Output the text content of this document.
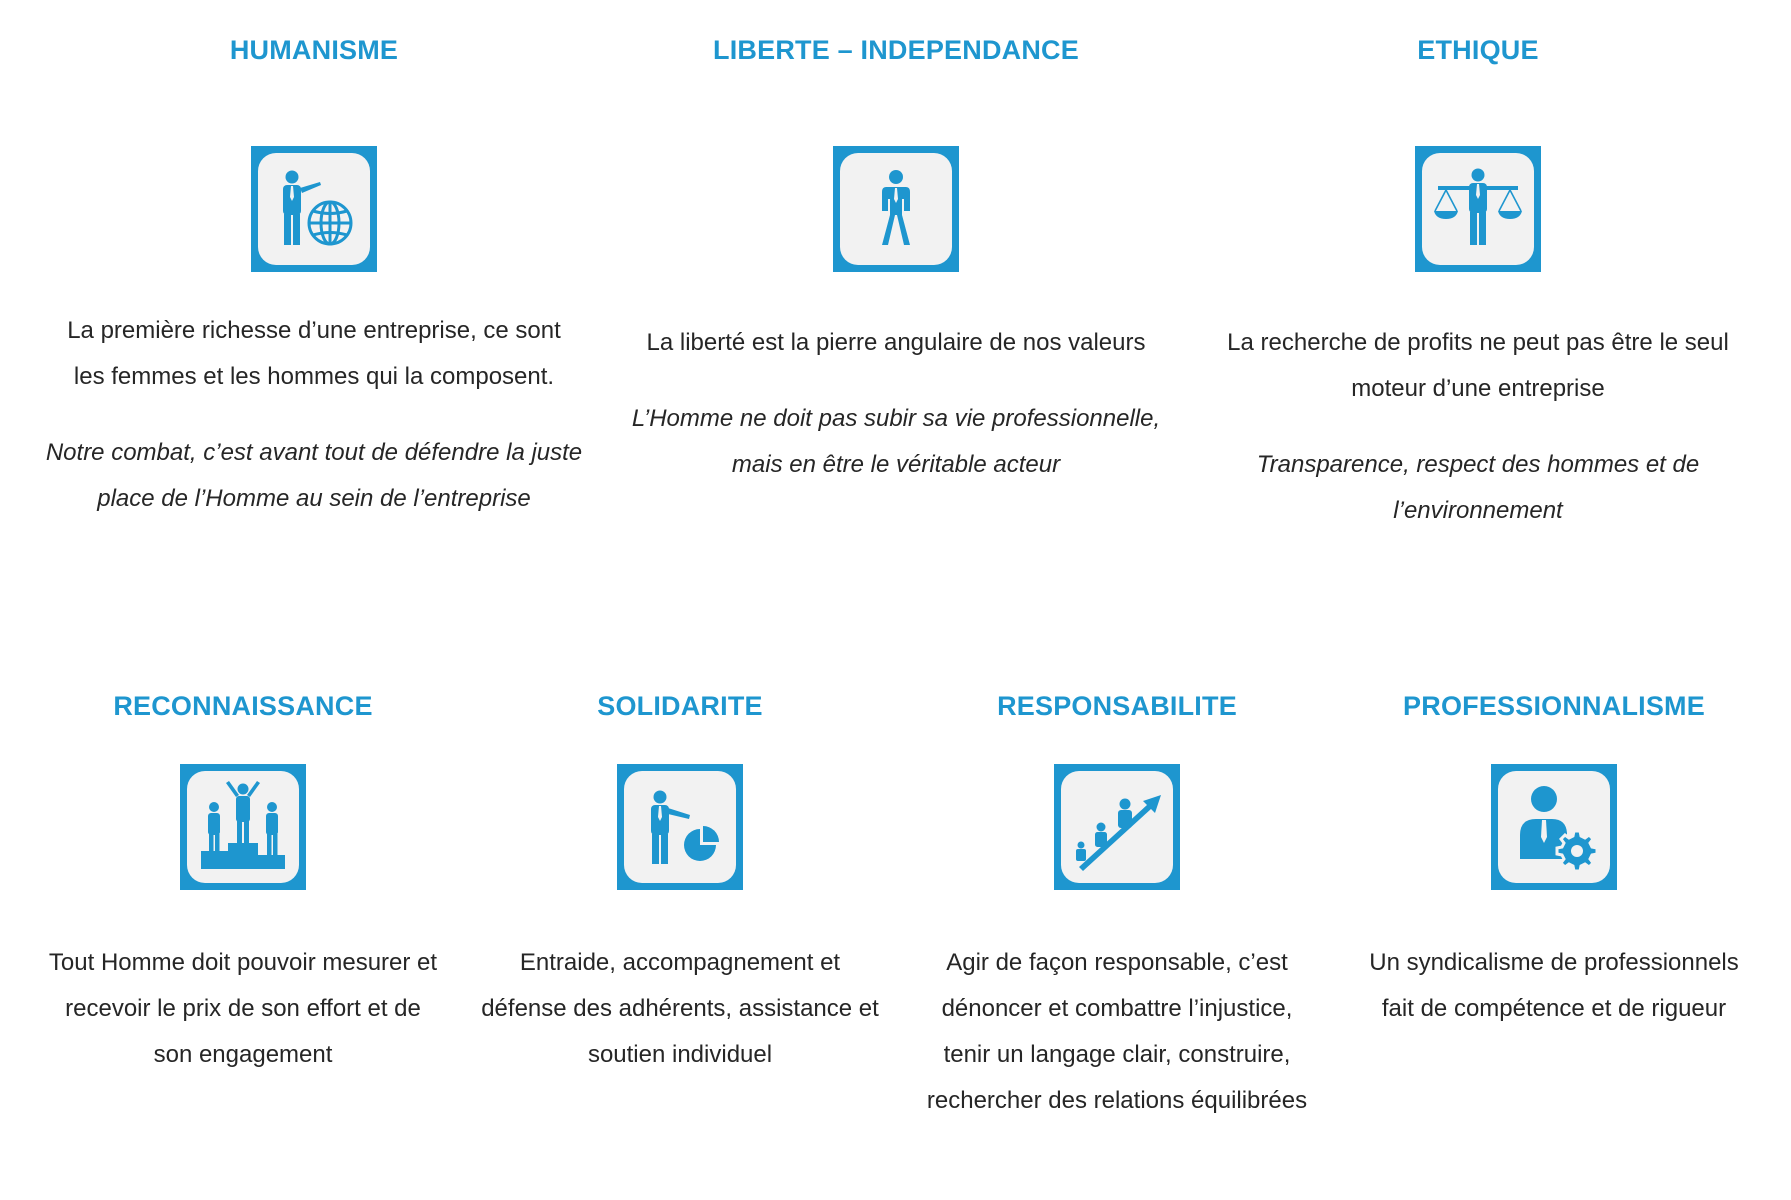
HUMANISME

La première richesse d’une entreprise, ce sont les femmes et les hommes qui la composent.

Notre combat, c’est avant tout de défendre la juste place de l’Homme au sein de l’entreprise

LIBERTE – INDEPENDANCE

La liberté est la pierre angulaire de nos valeurs

L’Homme ne doit pas subir sa vie professionnelle, mais en être le véritable acteur

ETHIQUE

La recherche de profits ne peut pas être le seul moteur d’une entreprise

Transparence, respect des hommes et de l’environnement

RECONNAISSANCE

Tout Homme doit pouvoir mesurer et recevoir le prix de son effort et de son engagement

SOLIDARITE

Entraide, accompagnement et défense des adhérents, assistance et soutien individuel

RESPONSABILITE

Agir de façon responsable, c’est dénoncer et combattre l’injustice, tenir un langage clair, construire, rechercher des relations équilibrées

PROFESSIONNALISME

Un syndicalisme de professionnels fait de compétence et de rigueur
